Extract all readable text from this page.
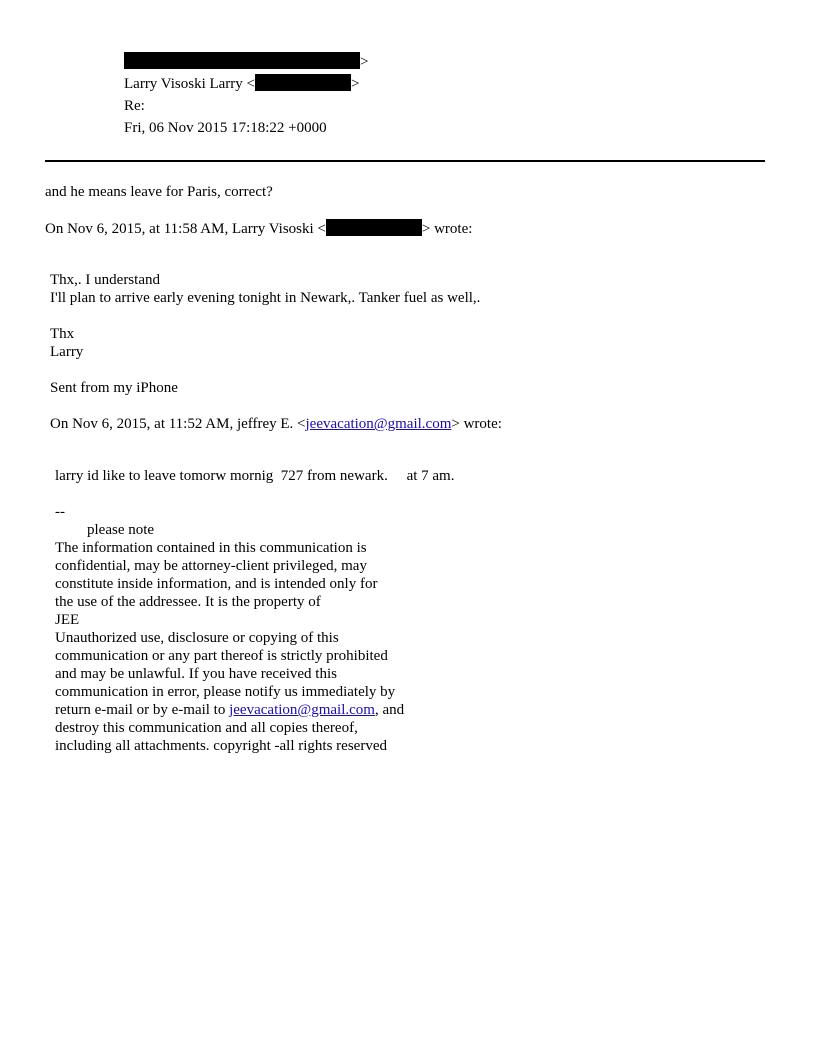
>
Larry Visoski Larry <	>
Re:
Fri, 06 Nov 2015 17:18:22 +0000
and he means leave for Paris, correct?
On Nov 6, 2015, at 11:58 AM, Larry Visoski <	> wrote:
Thx,. I understand
I'll plan to arrive early evening tonight in Newark,. Tanker fuel as well,.
Thx
Larry
Sent from my iPhone
On Nov 6, 2015, at 11:52 AM, jeffrey E. <jeevacation@gmail.com> wrote:
larry id like to leave tomorw mornig  727 from newark.     at 7 am.
--
please note
The information contained in this communication is
confidential, may be attorney-client privileged, may
constitute inside information, and is intended only for
the use of the addressee. It is the property of
JEE
Unauthorized use, disclosure or copying of this
communication or any part thereof is strictly prohibited
and may be unlawful. If you have received this
communication in error, please notify us immediately by
return e-mail or by e-mail to jeevacation@gmail.com, and
destroy this communication and all copies thereof,
including all attachments. copyright -all rights reserved
